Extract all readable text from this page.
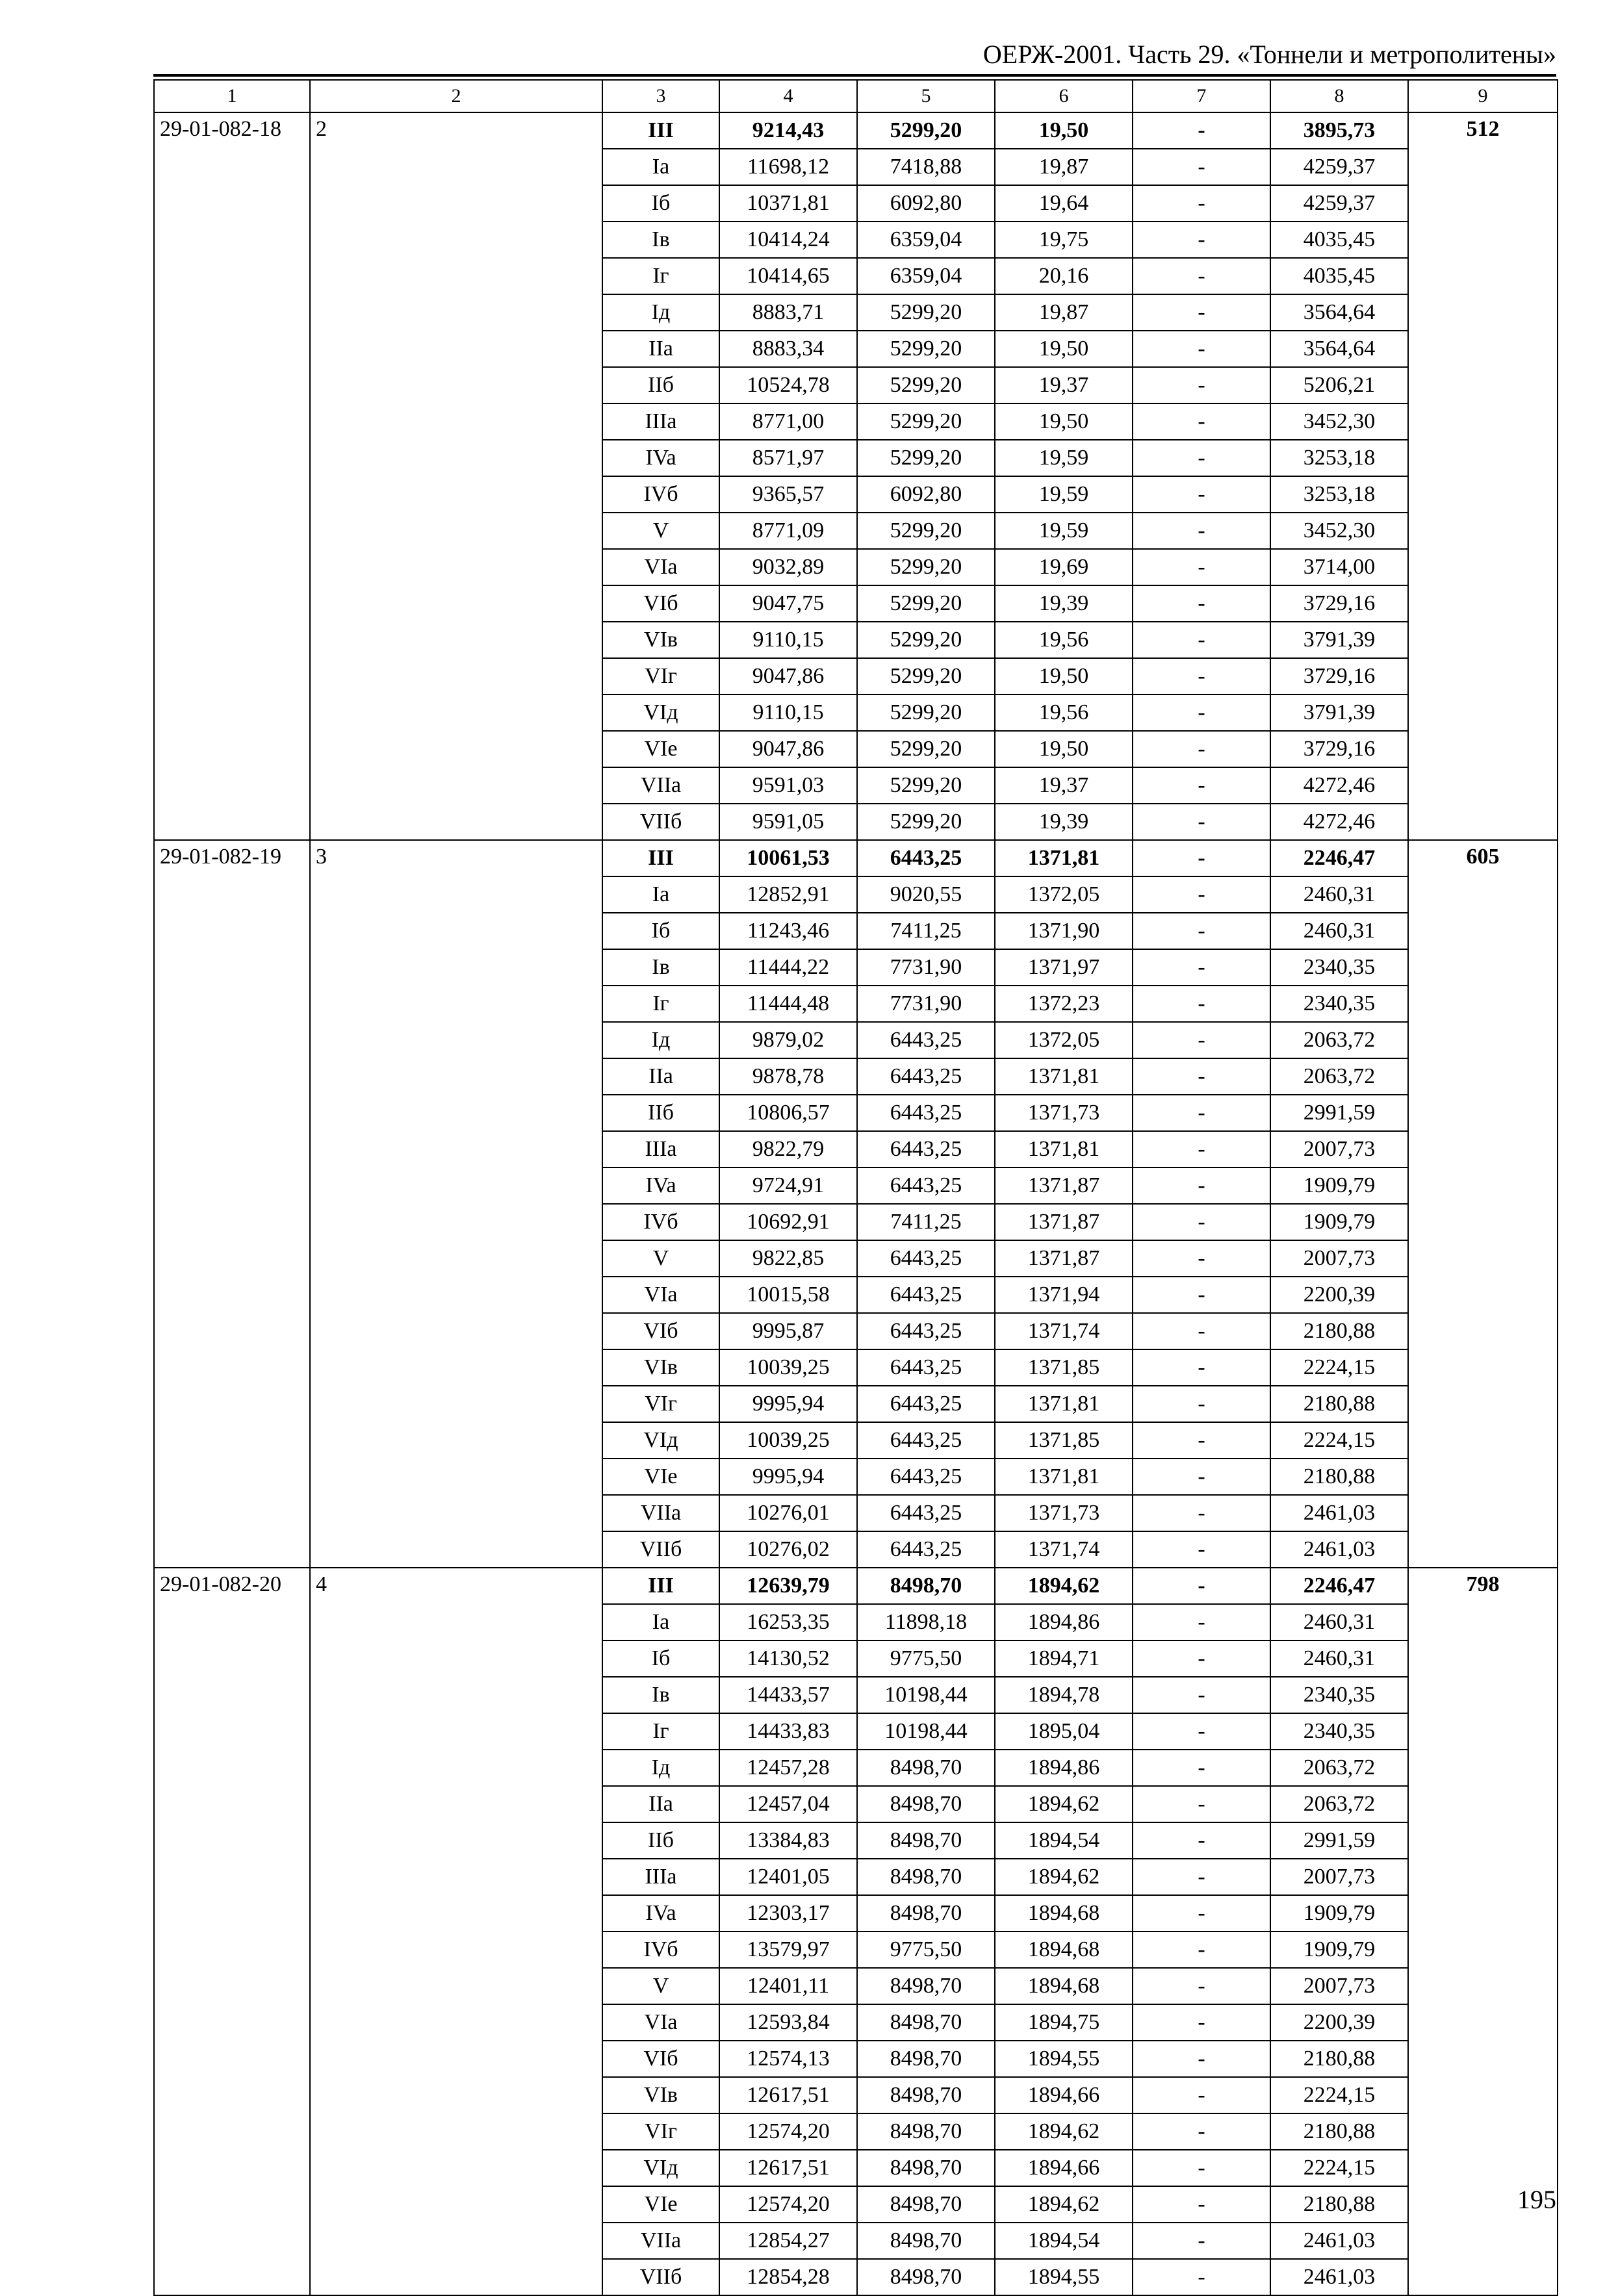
ОЕРЖ-2001. Часть 29. «Тоннели и метрополитены»
1	2	3	4	5	6	7	8	9
29-01-082-18	2	III	9214,43	5299,20	19,50	-	3895,73	512
		Ia	11698,12	7418,88	19,87	-	4259,37	
		Iб	10371,81	6092,80	19,64	-	4259,37	
		Iв	10414,24	6359,04	19,75	-	4035,45	
		Iг	10414,65	6359,04	20,16	-	4035,45	
		Iд	8883,71	5299,20	19,87	-	3564,64	
		IIa	8883,34	5299,20	19,50	-	3564,64	
		IIб	10524,78	5299,20	19,37	-	5206,21	
		IIIa	8771,00	5299,20	19,50	-	3452,30	
		IVa	8571,97	5299,20	19,59	-	3253,18	
		IVб	9365,57	6092,80	19,59	-	3253,18	
		V	8771,09	5299,20	19,59	-	3452,30	
		VIa	9032,89	5299,20	19,69	-	3714,00	
		VIб	9047,75	5299,20	19,39	-	3729,16	
		VIв	9110,15	5299,20	19,56	-	3791,39	
		VIг	9047,86	5299,20	19,50	-	3729,16	
		VIд	9110,15	5299,20	19,56	-	3791,39	
		VIe	9047,86	5299,20	19,50	-	3729,16	
		VIIa	9591,03	5299,20	19,37	-	4272,46	
		VIIб	9591,05	5299,20	19,39	-	4272,46	
29-01-082-19	3	III	10061,53	6443,25	1371,81	-	2246,47	605
		Ia	12852,91	9020,55	1372,05	-	2460,31	
		Iб	11243,46	7411,25	1371,90	-	2460,31	
		Iв	11444,22	7731,90	1371,97	-	2340,35	
		Iг	11444,48	7731,90	1372,23	-	2340,35	
		Iд	9879,02	6443,25	1372,05	-	2063,72	
		IIa	9878,78	6443,25	1371,81	-	2063,72	
		IIб	10806,57	6443,25	1371,73	-	2991,59	
		IIIa	9822,79	6443,25	1371,81	-	2007,73	
		IVa	9724,91	6443,25	1371,87	-	1909,79	
		IVб	10692,91	7411,25	1371,87	-	1909,79	
		V	9822,85	6443,25	1371,87	-	2007,73	
		VIa	10015,58	6443,25	1371,94	-	2200,39	
		VIб	9995,87	6443,25	1371,74	-	2180,88	
		VIв	10039,25	6443,25	1371,85	-	2224,15	
		VIг	9995,94	6443,25	1371,81	-	2180,88	
		VIд	10039,25	6443,25	1371,85	-	2224,15	
		VIe	9995,94	6443,25	1371,81	-	2180,88	
		VIIa	10276,01	6443,25	1371,73	-	2461,03	
		VIIб	10276,02	6443,25	1371,74	-	2461,03	
29-01-082-20	4	III	12639,79	8498,70	1894,62	-	2246,47	798
		Ia	16253,35	11898,18	1894,86	-	2460,31	
		Iб	14130,52	9775,50	1894,71	-	2460,31	
		Iв	14433,57	10198,44	1894,78	-	2340,35	
		Iг	14433,83	10198,44	1895,04	-	2340,35	
		Iд	12457,28	8498,70	1894,86	-	2063,72	
		IIa	12457,04	8498,70	1894,62	-	2063,72	
		IIб	13384,83	8498,70	1894,54	-	2991,59	
		IIIa	12401,05	8498,70	1894,62	-	2007,73	
		IVa	12303,17	8498,70	1894,68	-	1909,79	
		IVб	13579,97	9775,50	1894,68	-	1909,79	
		V	12401,11	8498,70	1894,68	-	2007,73	
		VIa	12593,84	8498,70	1894,75	-	2200,39	
		VIб	12574,13	8498,70	1894,55	-	2180,88	
		VIв	12617,51	8498,70	1894,66	-	2224,15	
		VIг	12574,20	8498,70	1894,62	-	2180,88	
		VIд	12617,51	8498,70	1894,66	-	2224,15	
		VIe	12574,20	8498,70	1894,62	-	2180,88	
		VIIa	12854,27	8498,70	1894,54	-	2461,03	
		VIIб	12854,28	8498,70	1894,55	-	2461,03	
195
